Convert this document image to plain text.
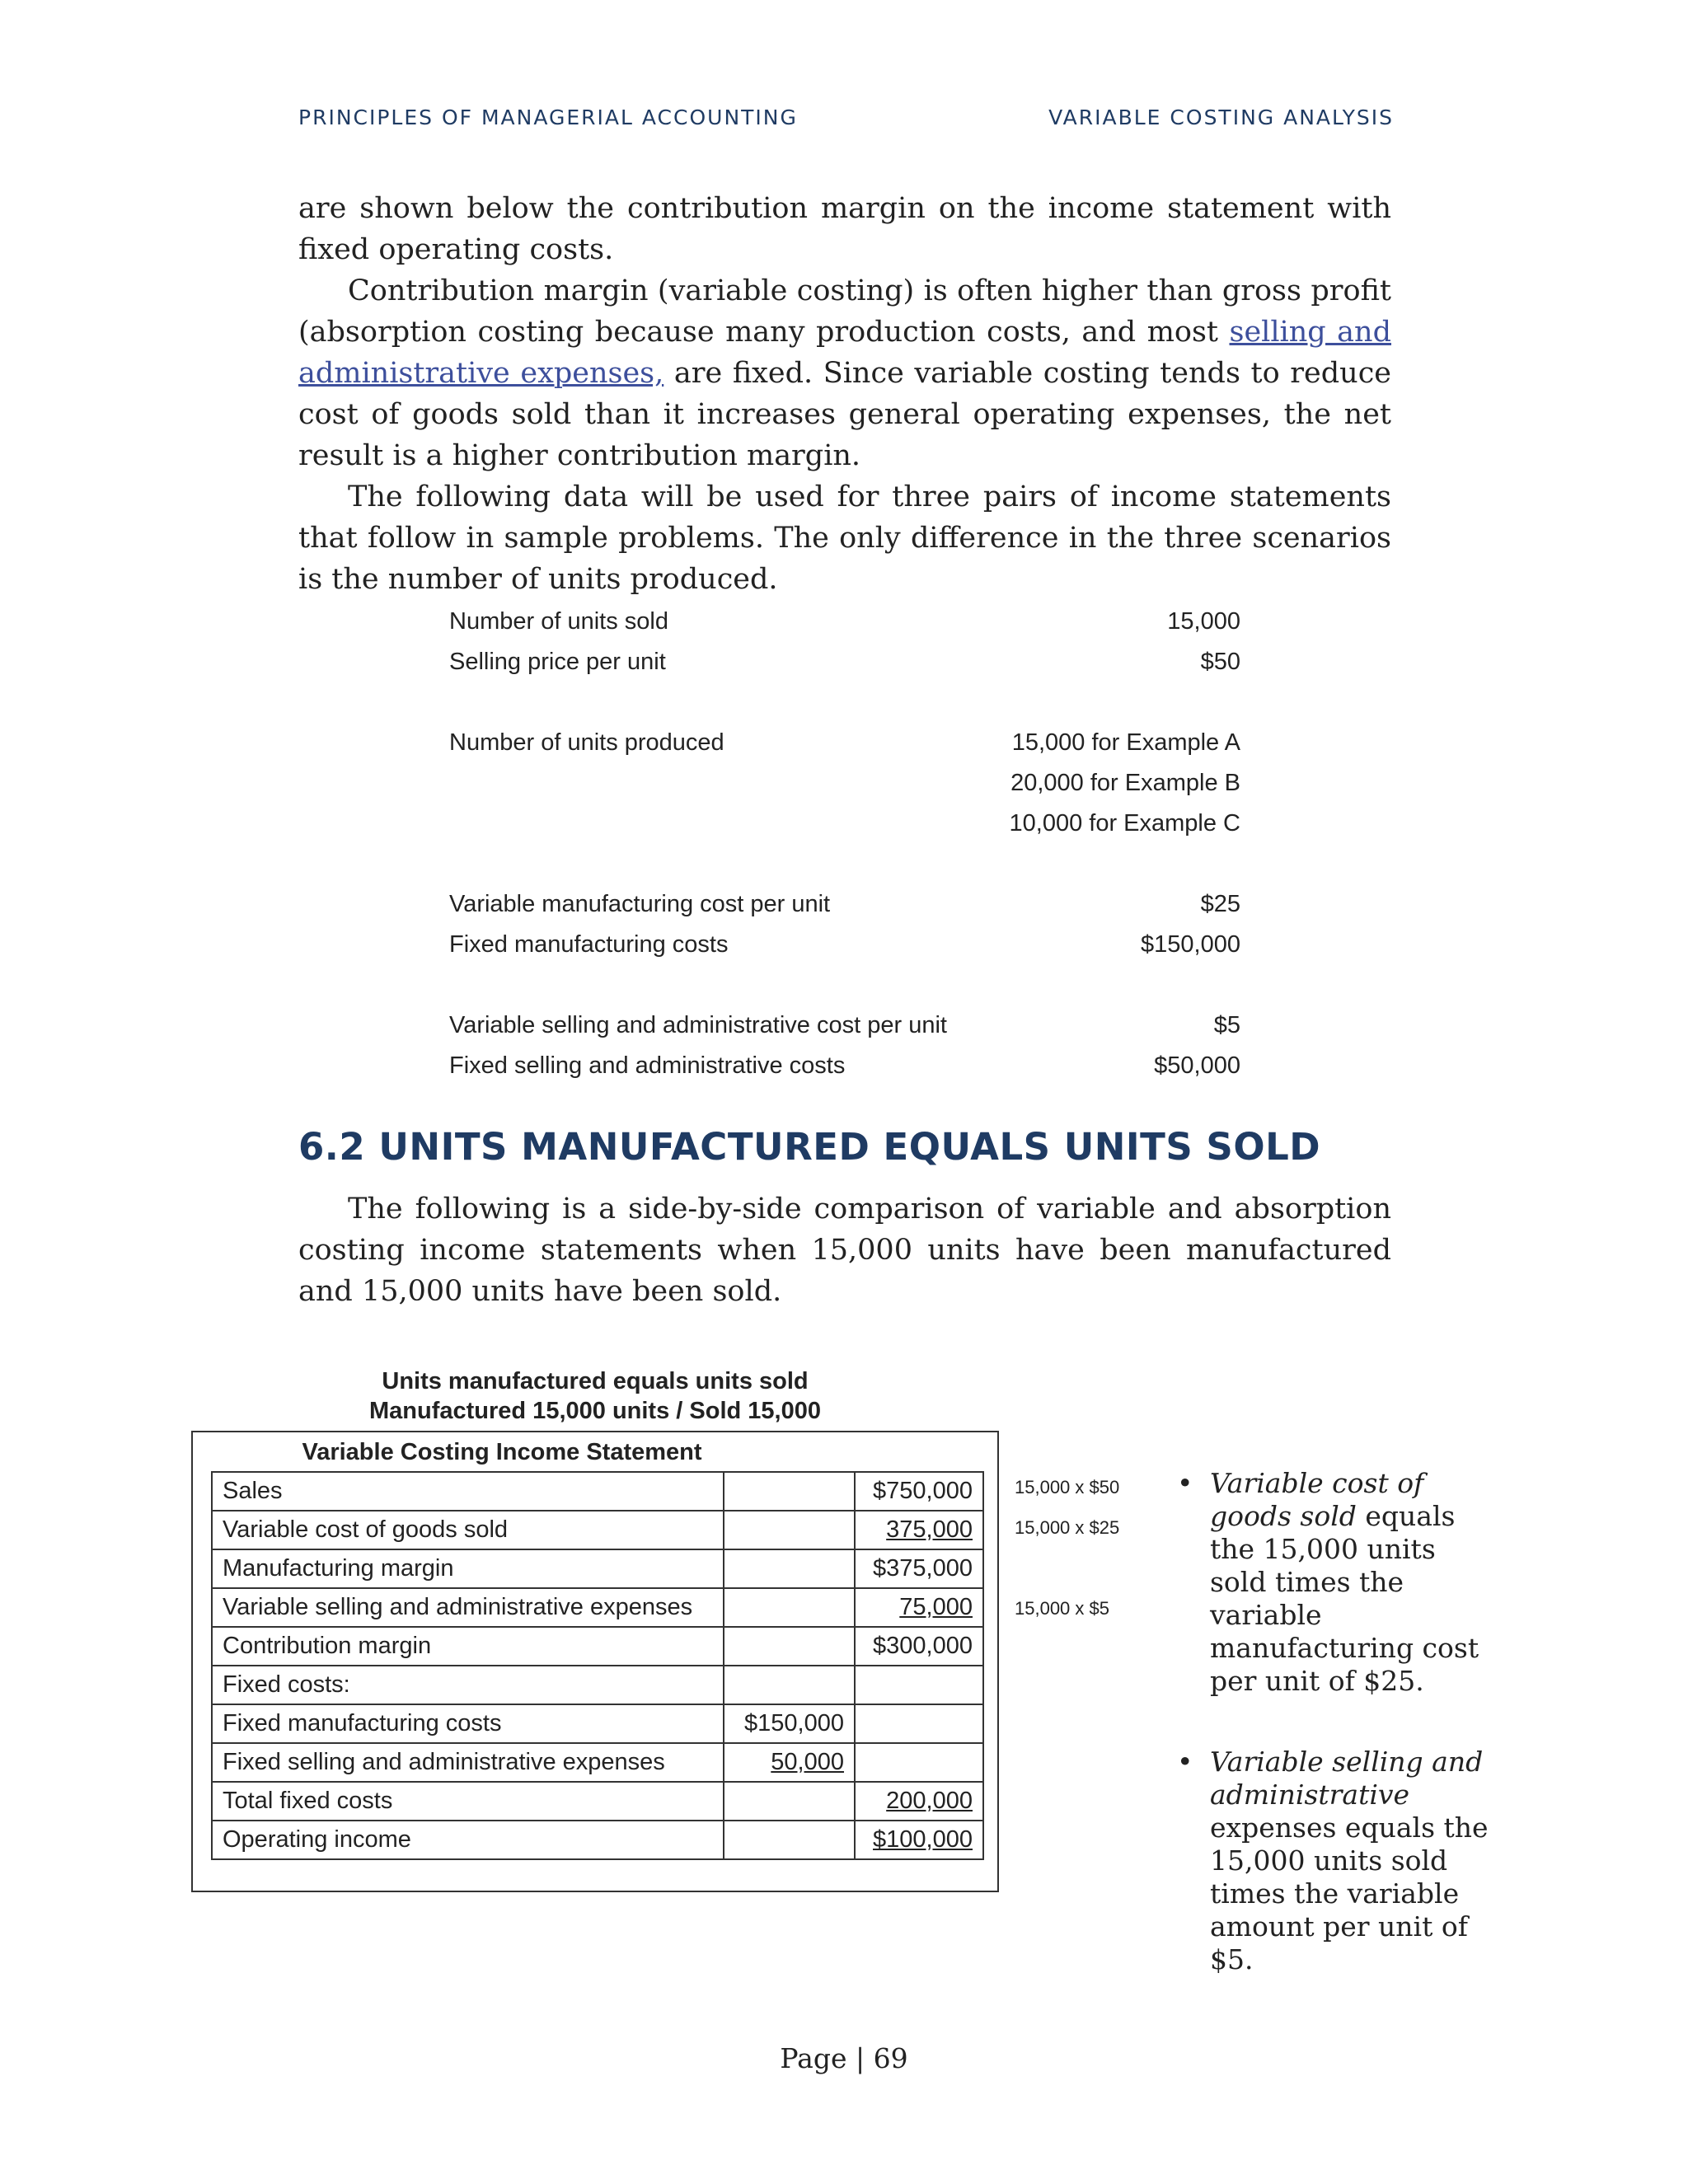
PRINCIPLES OF MANAGERIAL ACCOUNTING	VARIABLE COSTING ANALYSIS

are shown below the contribution margin on the income statement with fixed operating costs.

Contribution margin (variable costing) is often higher than gross profit (absorption costing because many production costs, and most selling and administrative expenses, are fixed. Since variable costing tends to reduce cost of goods sold than it increases general operating expenses, the net result is a higher contribution margin.

The following data will be used for three pairs of income statements that follow in sample problems. The only difference in the three scenarios is the number of units produced.

Number of units sold	15,000
Selling price per unit	$50
Number of units produced	15,000 for Example A
20,000 for Example B
10,000 for Example C
Variable manufacturing cost per unit	$25
Fixed manufacturing costs	$150,000
Variable selling and administrative cost per unit	$5
Fixed selling and administrative costs	$50,000
6.2 UNITS MANUFACTURED EQUALS UNITS SOLD

The following is a side-by-side comparison of variable and absorption costing income statements when 15,000 units have been manufactured and 15,000 units have been sold.

Units manufactured equals units sold
Manufactured 15,000 units / Sold 15,000
Variable Costing Income Statement
Sales		$750,000
Variable cost of goods sold		375,000
Manufacturing margin		$375,000
Variable selling and administrative expenses		75,000
Contribution margin		$300,000
Fixed costs:		
Fixed manufacturing costs	$150,000	
Fixed selling and administrative expenses	50,000	
Total fixed costs		200,000
Operating income		$100,000
15,000 x $50
15,000 x $25
15,000 x $5
• Variable cost of goods sold equals the 15,000 units sold times the variable manufacturing cost per unit of $25.
• Variable selling and administrative expenses equals the 15,000 units sold times the variable amount per unit of $5.
Page | 69
